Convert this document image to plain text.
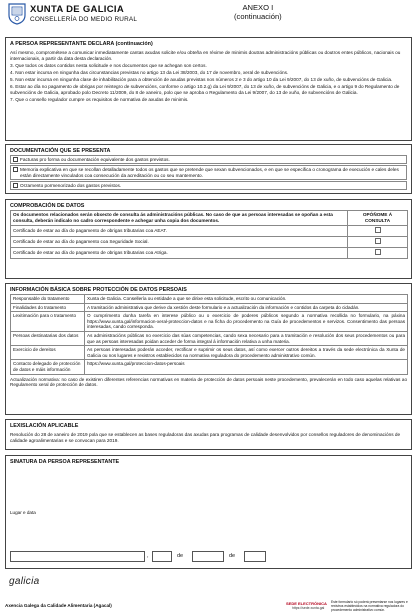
XUNTA DE GALICIA
CONSELLERÍA DO MEDIO RURAL
ANEXO I
(continuación)
A PERSOA REPRESENTANTE DECLARA (continuación)

Así mesmo, comprométese a comunicar inmediatamente cantas axudas solicite e/ou obteña en réxime de minimis doutras administracións públicas ou doutros entes públicos, nacionais ou internacionais, a partir da data desta declaración.

3. Que todos os datos contidos nesta solicitude e nos documentos que se achegan son certos.

4. Non estar incursa en ningunha das circunstancias previstas no artigo 13 da Lei 38/2003, do 17 de novembro, xeral de subvencións.

5. Non estar incursa en ningunha clase de inhabilitación para a obtención de axudas previstas nos números 2 e 3 do artigo 10 da Lei 9/2007, do 13 de xuño, de subvencións de Galicia.

6. Estar ao día no pagamento de obrigas por reintegro de subvencións, conforme o artigo 10.2.g) da Lei 9/2007, do 13 de xuño, de subvencións de Galicia, e o artigo 9 do Regulamento de subvencións de Galicia, aprobado polo Decreto 11/2009, do 8 de xaneiro, polo que se aproba o Regulamento da Lei 9/2007, do 13 de xuño, de subvencións de Galicia.

7. Que o consello regulador cumpre os requisitos de normativa de axudas de minimis.

DOCUMENTACIÓN QUE SE PRESENTA
Facturas pro forma ou documentación equivalente dos gastos previstos.
Memoria explicativa en que se recollan detalladamente todos os gastos que se pretende que sexan subvencionados, e en que se especifica o cronograma de execución e cales deles están directamente vinculados coa consecución da acreditación ou co seu mantemento.
Orzamento pormenorizado dos gastos previstos.
COMPROBACIÓN DE DATOS
Os documentos relacionados serán obxecto de consulta ás administracións públicas. No caso de que as persoas interesadas se opoñan a esta consulta, deberán indicalo no cadro correspondente e achegar unha copia dos documentos.	OPÓÑOME Á CONSULTA
Certificado de estar ao día do pagamento de obrigas tributarias coa AEAT.	
Certificado de estar ao día do pagamento coa Seguridade Social.	
Certificado de estar ao día do pagamento de obrigas tributarias coa Atriga.	
INFORMACIÓN BÁSICA SOBRE PROTECCIÓN DE DATOS PERSOAIS
Responsable do tratamento	Xunta de Galicia. Consellería ou entidade a que se dirixe esta solicitude, escrito ou comunicación.
Finalidades do tratamento	A tramitación administrativa que derive da xestión deste formulario e a actualización da información e contidos da carpeta do cidadán.
Lexitimación para o tratamento	O cumprimento dunha tarefa en interese público ou o exercicio de poderes públicos segundo a normativa recollida no formulario, na páxina https://www.xunta.gal/informacion-xeral-proteccion-datos e na ficha do procedemento na Guía de procedementos e servizos. Consentimento das persoas interesadas, cando corresponda.
Persoas destinatarias dos datos	As administracións públicas no exercicio das súas competencias, cando sexa necesario para a tramitación e resolución dos seus procedementos ou para que as persoas interesadas poidan acceder de forma integral á información relativa a unha materia.
Exercicio de dereitos	As persoas interesadas poderán acceder, rectificar e suprimir os seus datos, así como exercer outros dereitos a través da sede electrónica da Xunta de Galicia ou nos lugares e rexistros establecidos na normativa reguladora do procedemento administrativo común.
Contacto delegado de protección de datos e máis información	https://www.xunta.gal/proteccion-datos-persoais
Actualización normativa: no caso de existiren diferentes referencias normativas en materia de protección de datos persoais neste procedemento, prevalecerán en todo caso aquelas relativas ao Regulamento xeral de protección de datos.
LEXISLACIÓN APLICABLE
Resolución do 28 de xaneiro de 2019 pola que se establecen as bases reguladoras das axudas para programas de calidade desenvolvidos por consellos reguladores de denominacións de calidade agroalimentarias e se convocan para 2019.
SINATURA DA PERSOA REPRESENTANTE
Lugar e data
,	de	de
galicia
Axencia Galega da Calidade Alimentaria (Agacal)	SEDE ELECTRÓNICA
https://sede.xunta.gal
Este formulario só poderá presentarse nos lugares e rexistros establecidos na normativa reguladora do procedemento administrativo común.
